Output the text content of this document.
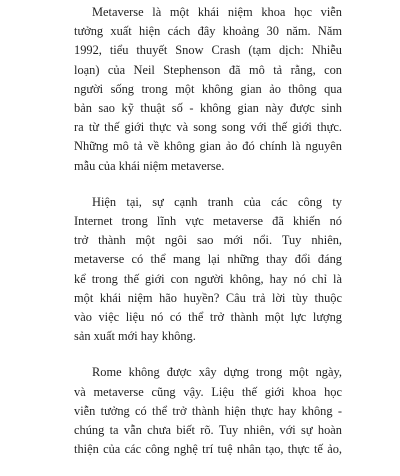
Metaverse là một khái niệm khoa học viễn
tưởng xuất hiện cách đây khoảng 30 năm. Năm
1992, tiểu thuyết Snow Crash (tạm dịch: Nhiễu
loạn) của Neil Stephenson đã mô tả rằng, con
người sống trong một không gian ảo thông qua
bản sao kỹ thuật số - không gian này được sinh
ra từ thế giới thực và song song với thế giới thực.
Những mô tả về không gian ảo đó chính là nguyên
mẫu của khái niệm metaverse.

Hiện tại, sự cạnh tranh của các công ty
Internet trong lĩnh vực metaverse đã khiến nó
trở thành một ngôi sao mới nổi. Tuy nhiên,
metaverse có thể mang lại những thay đổi đáng
kể trong thế giới con người không, hay nó chỉ là
một khái niệm hão huyền? Câu trả lời tùy thuộc
vào việc liệu nó có thể trở thành một lực lượng
sản xuất mới hay không.

Rome không được xây dựng trong một ngày,
và metaverse cũng vậy. Liệu thế giới khoa học
viễn tưởng có thể trở thành hiện thực hay không -
chúng ta vẫn chưa biết rõ. Tuy nhiên, với sự hoàn
thiện của các công nghệ trí tuệ nhân tạo, thực tế ảo,
